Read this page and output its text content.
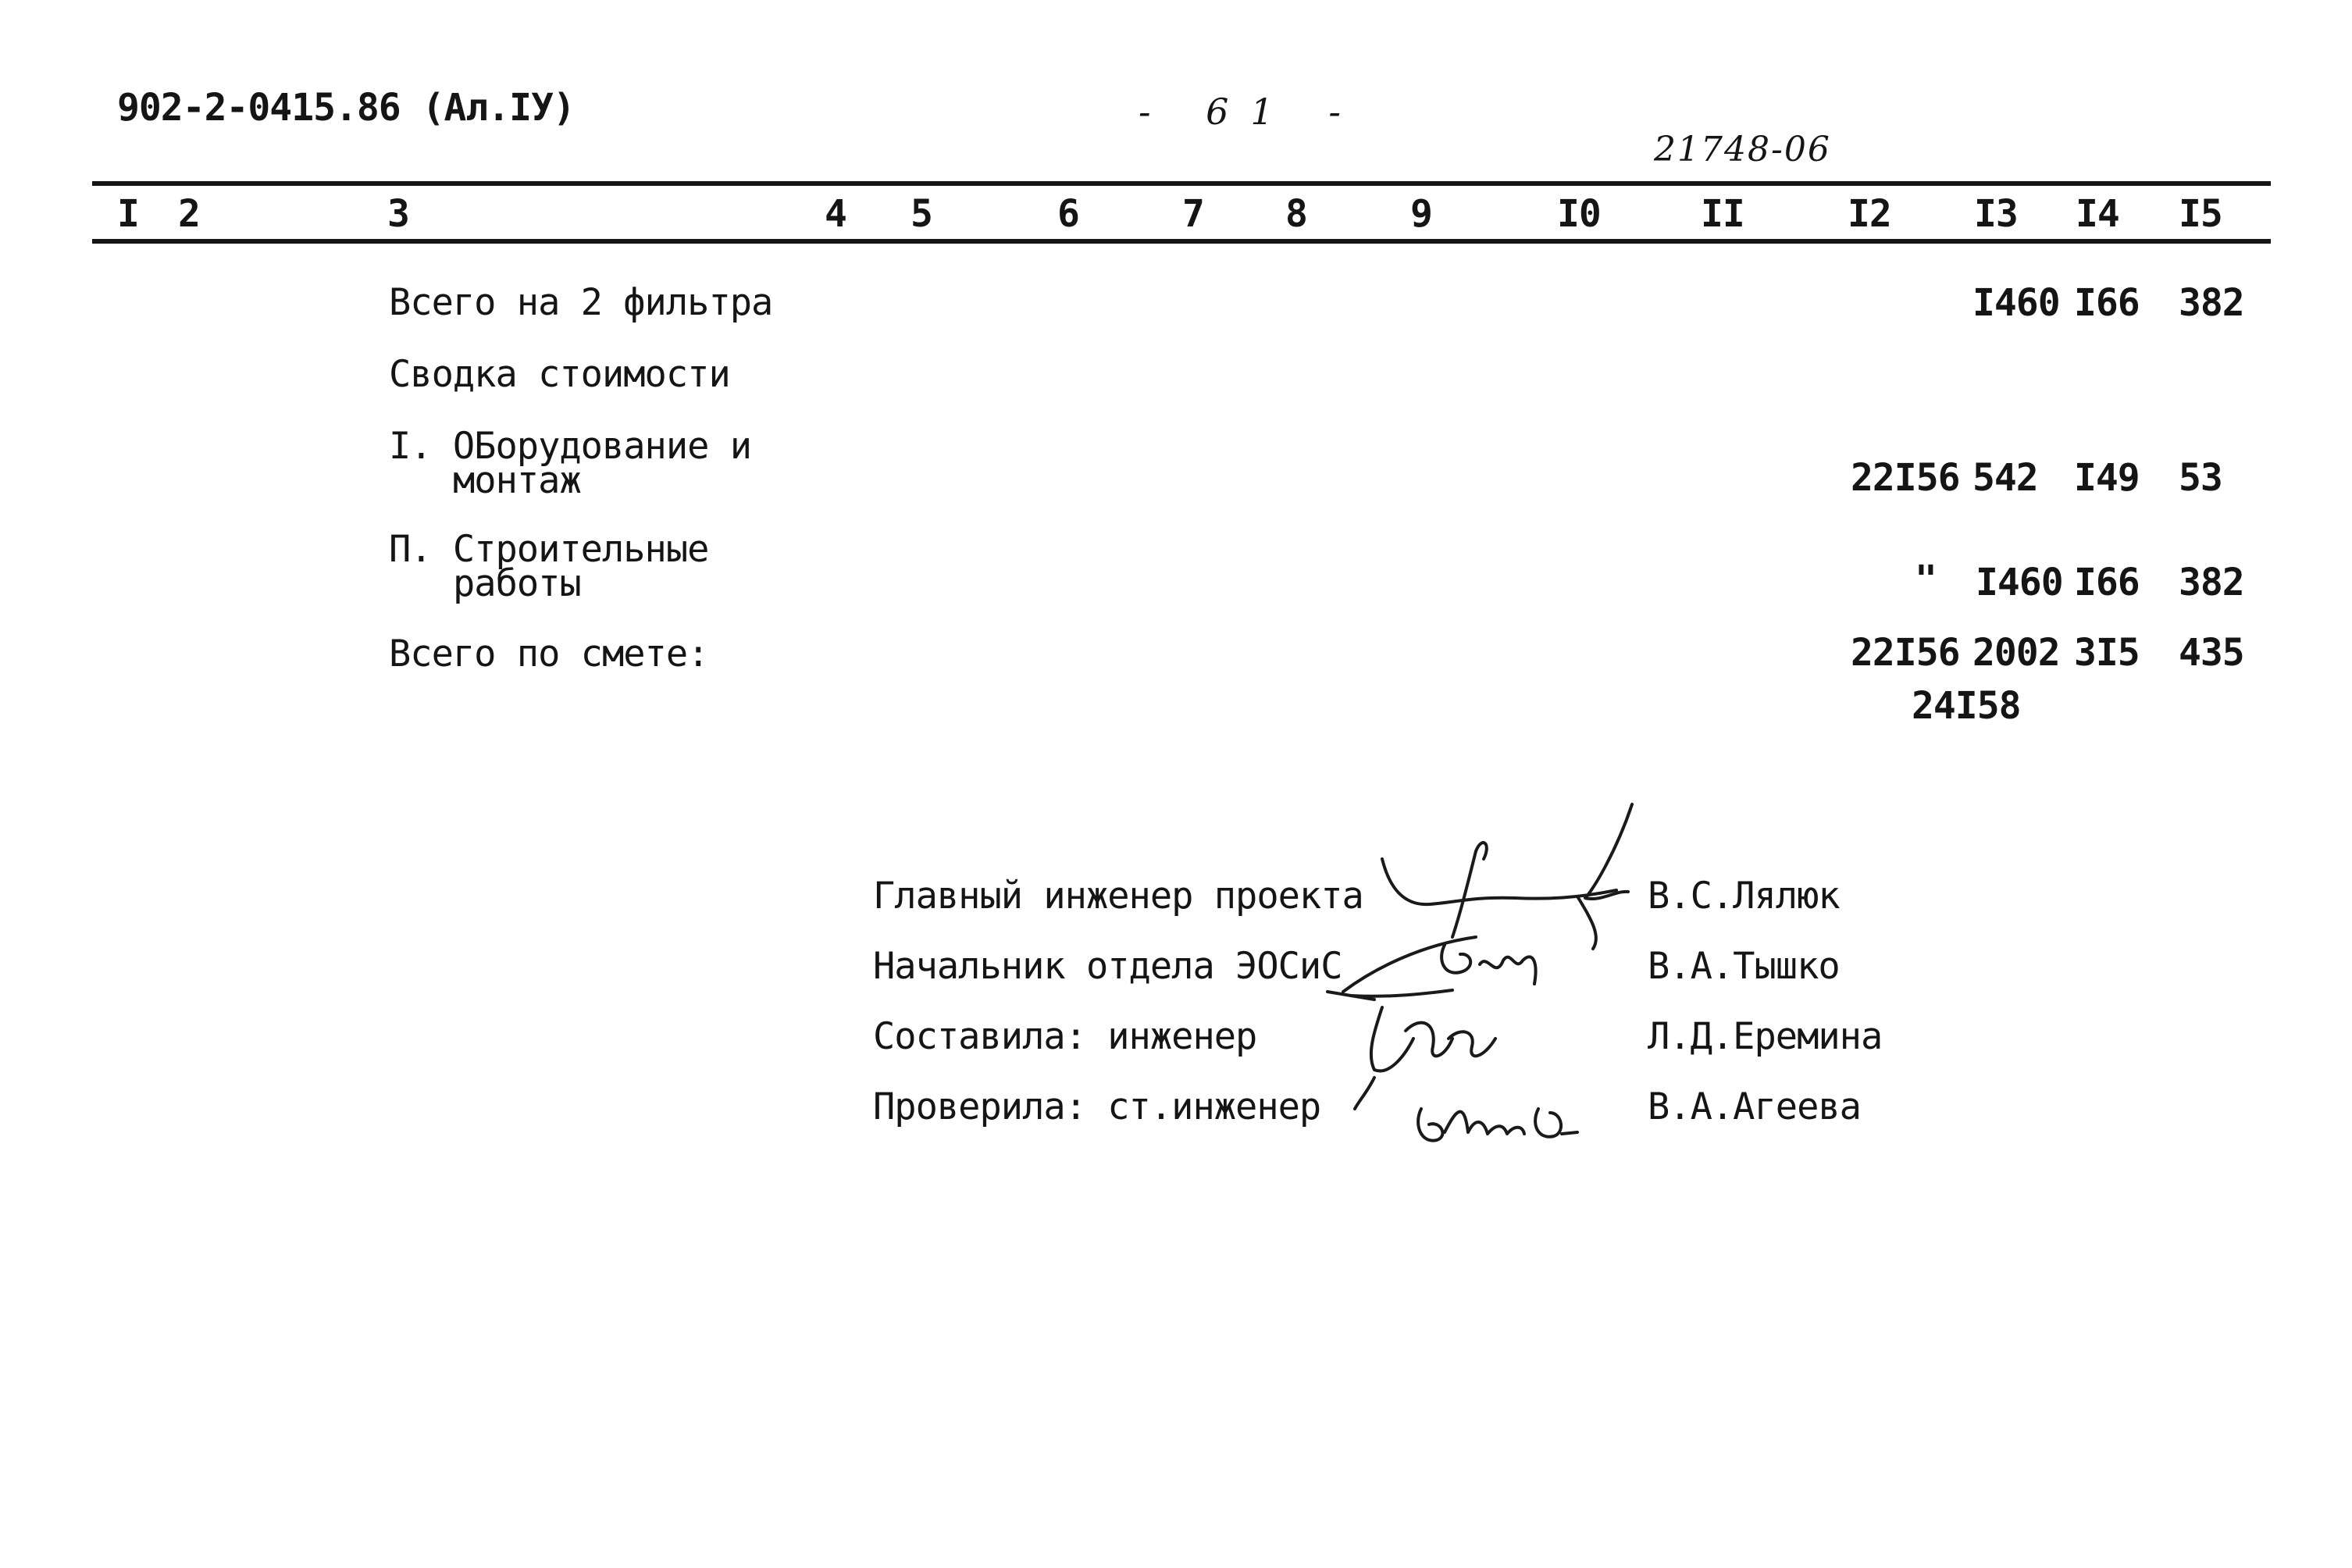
902-2-0415.86 (Ал.IУ)	- 61 -
21748-06
I 2	3	4 5	6	7 8	9	I0	II	I2 I3 I4 I5
Всего на 2 фильтра	I460 I66 382
Сводка стоимости
I. ОБорудование и
монтаж	22I56 542 I49 53
П. Строительные
работы	" I460 I66 382
Всего по смете:	22I56 2002 3I5 435
24I58
Главный инженер проекта	В.С.Лялюк
Начальник отдела ЭОСиС	В.А.Тышко
Составила: инженер	Л.Д.Еремина
Проверила: ст.инженер	В.А.Агеева
